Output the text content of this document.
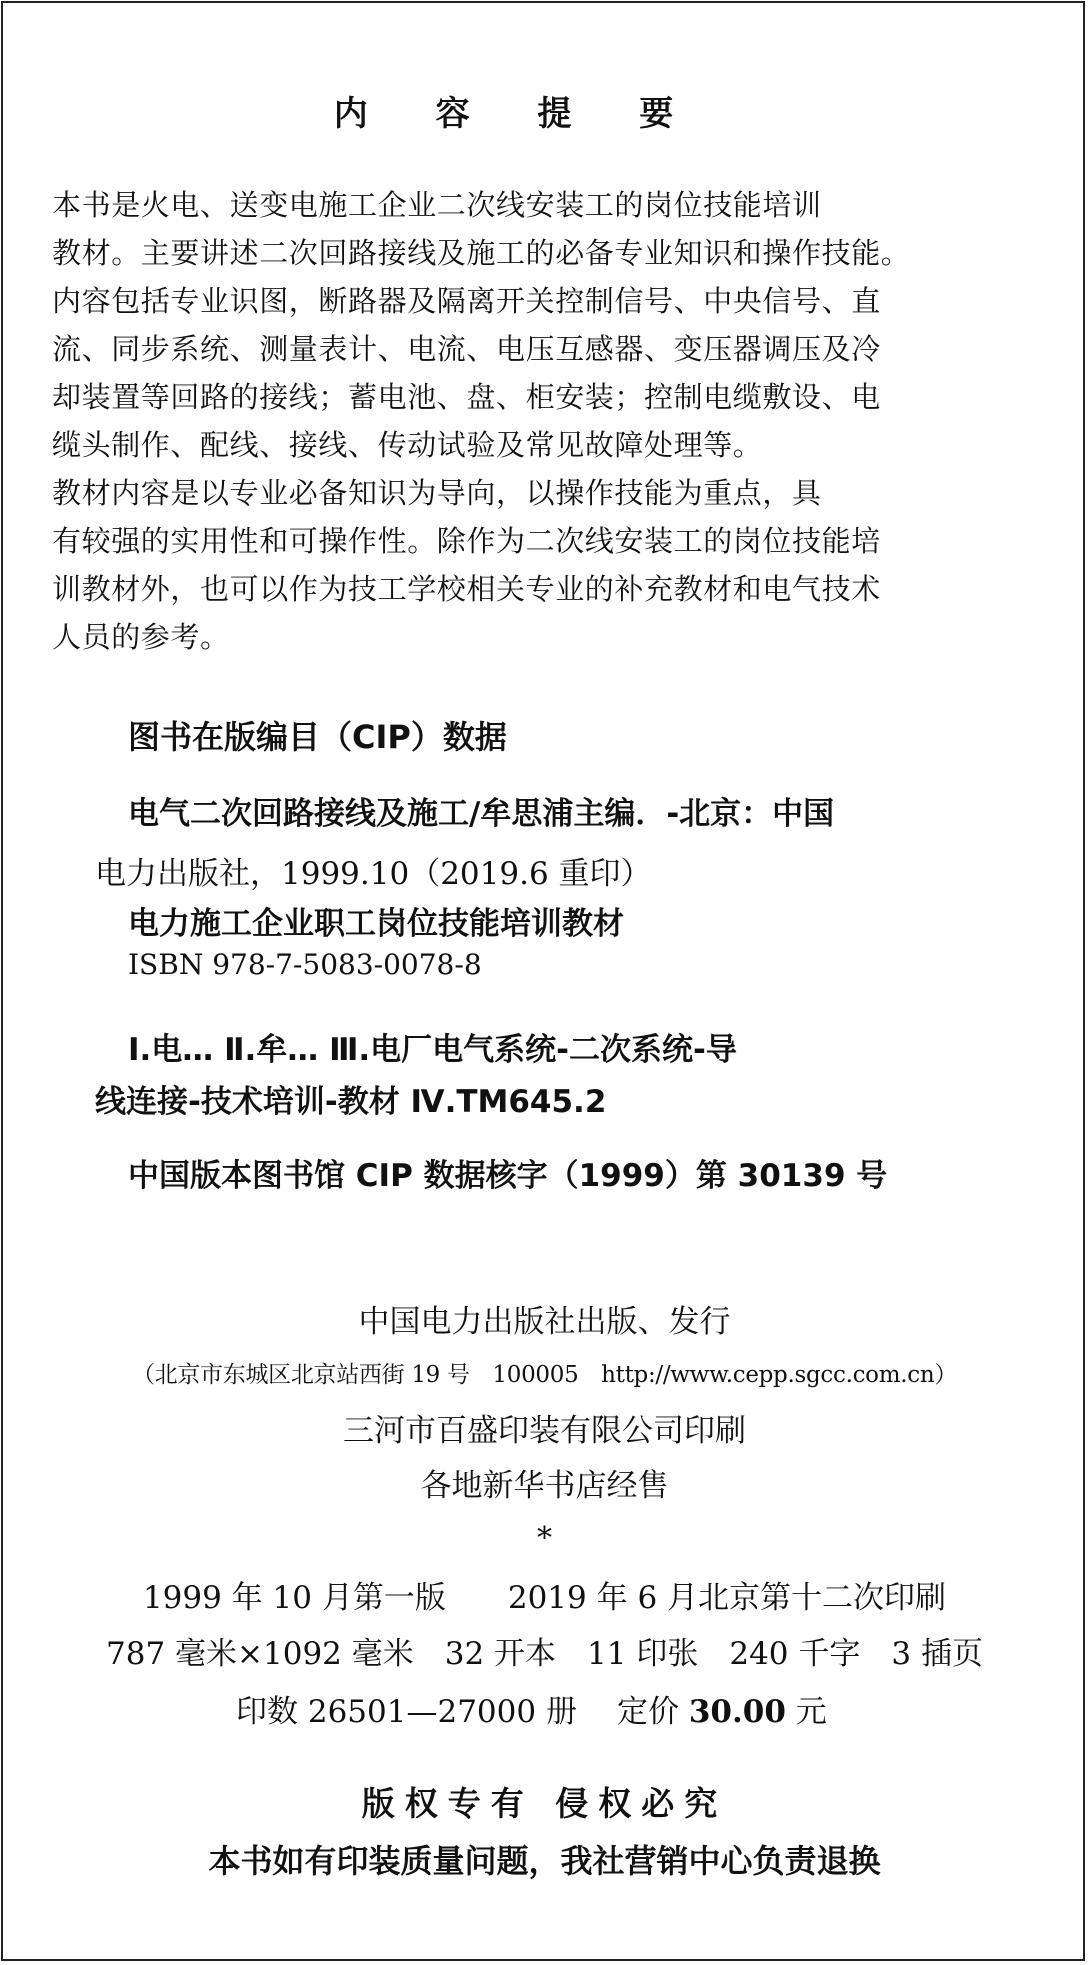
内 容 提 要
本书是火电、送变电施工企业二次线安装工的岗位技能培训
教材。主要讲述二次回路接线及施工的必备专业知识和操作技能。
内容包括专业识图，断路器及隔离开关控制信号、中央信号、直
流、同步系统、测量表计、电流、电压互感器、变压器调压及冷
却装置等回路的接线；蓄电池、盘、柜安装；控制电缆敷设、电
缆头制作、配线、接线、传动试验及常见故障处理等。
教材内容是以专业必备知识为导向，以操作技能为重点，具
有较强的实用性和可操作性。除作为二次线安装工的岗位技能培
训教材外，也可以作为技工学校相关专业的补充教材和电气技术
人员的参考。
图书在版编目（CIP）数据
电气二次回路接线及施工/牟思浦主编．-北京：中国
电力出版社，1999.10（2019.6 重印）
电力施工企业职工岗位技能培训教材
ISBN 978-7-5083-0078-8
Ⅰ.电… Ⅱ.牟… Ⅲ.电厂电气系统-二次系统-导
线连接-技术培训-教材 Ⅳ.TM645.2
中国版本图书馆 CIP 数据核字（1999）第 30139 号
中国电力出版社出版、发行
（北京市东城区北京站西街 19 号　100005　http://www.cepp.sgcc.com.cn）
三河市百盛印装有限公司印刷
各地新华书店经售
*
1999 年 10 月第一版　　2019 年 6 月北京第十二次印刷
787 毫米×1092 毫米　32 开本　11 印张　240 千字　3 插页
印数 26501—27000 册 定价 30.00 元
版权专有 侵权必究
本书如有印装质量问题，我社营销中心负责退换
